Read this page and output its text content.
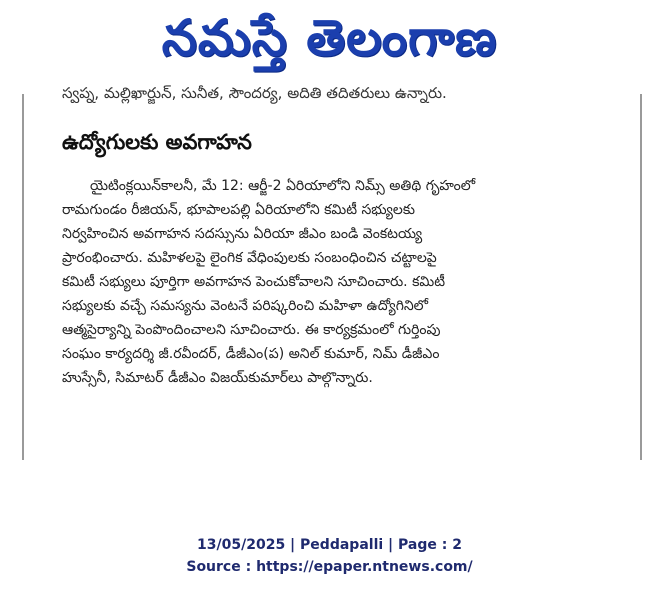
నమస్తే తెలంగాణ
స్వప్న, మల్లిఖార్జున్, సునీత, సౌందర్య, అదితి తదితరులు ఉన్నారు.
ఉద్యోగులకు అవగాహన

యైటింక్లయిన్‌కాలనీ, మే 12: ఆర్జీ-2 ఏరియాలోని నిమ్స్ అతిథి గృహంలో
రామగుండం రీజియన్, భూపాలపల్లి ఏరియాలోని కమిటీ సభ్యులకు
నిర్వహించిన అవగాహన సదస్సును ఏరియా జీఎం బండి వెంకటయ్య
ప్రారంభించారు. మహిళలపై లైంగిక వేధింపులకు సంబంధించిన చట్టాలపై
కమిటీ సభ్యులు పూర్తిగా అవగాహన పెంచుకోవాలని సూచించారు. కమిటీ
సభ్యులకు వచ్చే సమస్యను వెంటనే పరిష్కరించి మహిళా ఉద్యోగినిలో
ఆత్మసైర్యాన్ని పెంపొందించాలని సూచించారు. ఈ కార్యక్రమంలో గుర్తింపు
సంఘం కార్యదర్శి జీ.రవీందర్, డీజీఎం(ప) అనిల్ కుమార్, నిమ్ డీజీఎం
హుస్సేనీ, సిమాటర్ డీజీఎం విజయ్‌కుమార్‌లు పాల్గొన్నారు.

13/05/2025 | Peddapalli | Page : 2
Source : https://epaper.ntnews.com/
